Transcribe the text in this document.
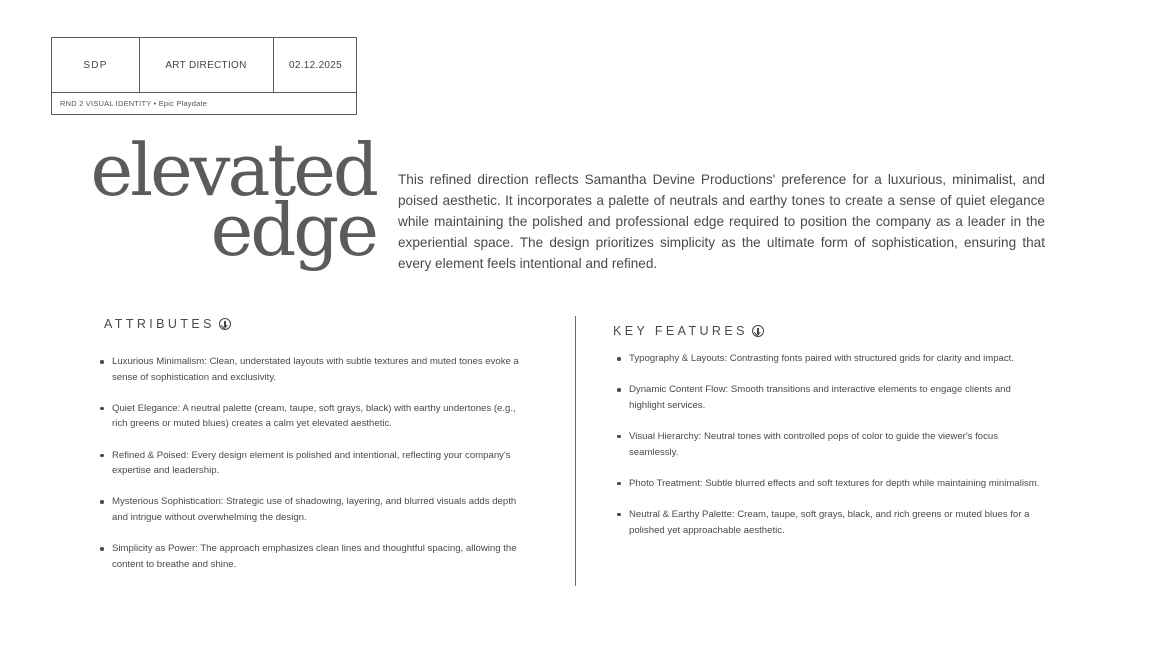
SDP	ART DIRECTION	02.12.2025
RND 2 VISUAL IDENTITY • Epic Playdate
elevated
edge

This refined direction reflects Samantha Devine Productions' preference for a luxurious, minimalist, and poised aesthetic. It incorporates a palette of neutrals and earthy tones to create a sense of quiet elegance while maintaining the polished and professional edge required to position the company as a leader in the experiential space. The design prioritizes simplicity as the ultimate form of sophistication, ensuring that every element feels intentional and refined.

ATTRIBUTES
Luxurious Minimalism: Clean, understated layouts with subtle textures and muted tones evoke a sense of sophistication and exclusivity.
Quiet Elegance: A neutral palette (cream, taupe, soft grays, black) with earthy undertones (e.g., rich greens or muted blues) creates a calm yet elevated aesthetic.
Refined & Poised: Every design element is polished and intentional, reflecting your company's expertise and leadership.
Mysterious Sophistication: Strategic use of shadowing, layering, and blurred visuals adds depth and intrigue without overwhelming the design.
Simplicity as Power: The approach emphasizes clean lines and thoughtful spacing, allowing the content to breathe and shine.
KEY FEATURES
Typography & Layouts: Contrasting fonts paired with structured grids for clarity and impact.
Dynamic Content Flow: Smooth transitions and interactive elements to engage clients and highlight services.
Visual Hierarchy: Neutral tones with controlled pops of color to guide the viewer's focus seamlessly.
Photo Treatment: Subtle blurred effects and soft textures for depth while maintaining minimalism.
Neutral & Earthy Palette: Cream, taupe, soft grays, black, and rich greens or muted blues for a polished yet approachable aesthetic.
